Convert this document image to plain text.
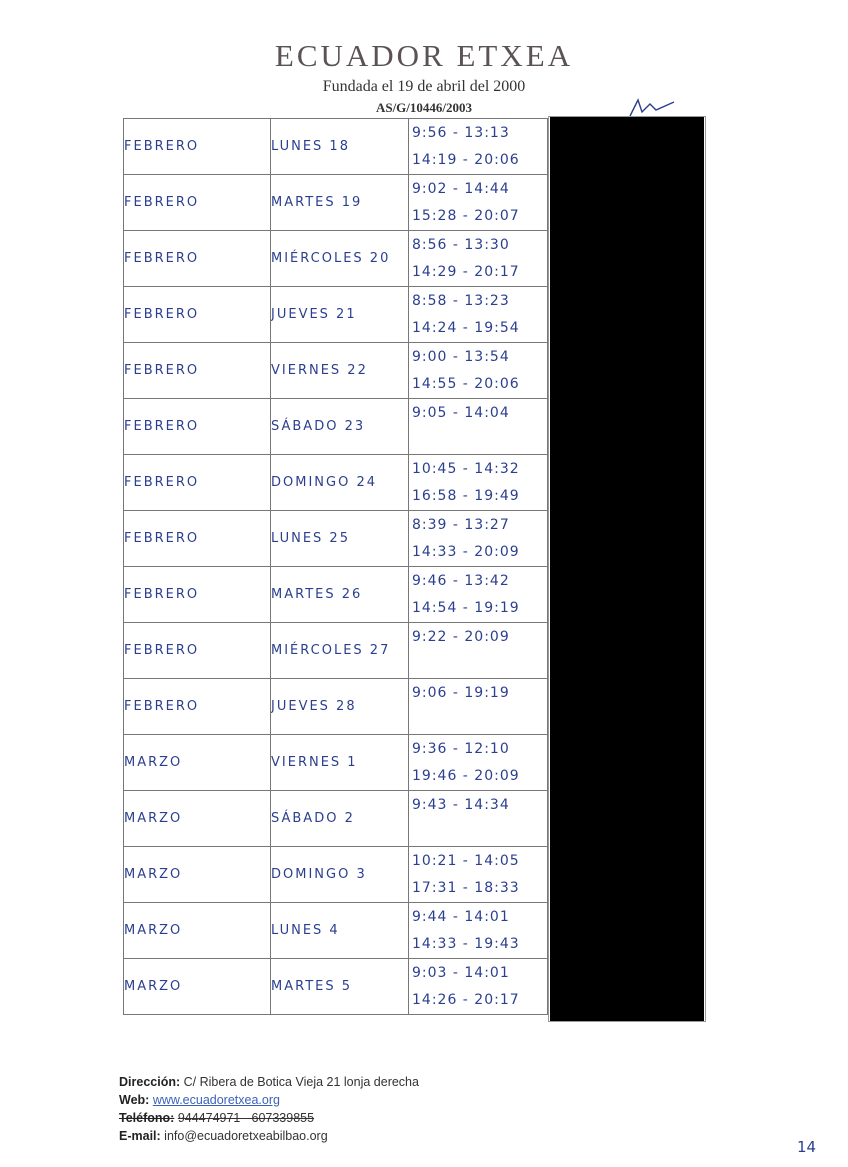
ECUADOR ETXEA
Fundada el 19 de abril del 2000
AS/G/10446/2003
FEBRERO	LUNES 18	9:56 - 13:13
14:19 - 20:06

FEBRERO	MARTES 19	9:02 - 14:44
15:28 - 20:07

FEBRERO	MIÉRCOLES 20	8:56 - 13:30
14:29 - 20:17

FEBRERO	JUEVES 21	8:58 - 13:23
14:24 - 19:54

FEBRERO	VIERNES 22	9:00 - 13:54
14:55 - 20:06

FEBRERO	SÁBADO 23	9:05 - 14:04

FEBRERO	DOMINGO 24	10:45 - 14:32
16:58 - 19:49

FEBRERO	LUNES 25	8:39 - 13:27
14:33 - 20:09

FEBRERO	MARTES 26	9:46 - 13:42
14:54 - 19:19

FEBRERO	MIÉRCOLES 27	9:22 - 20:09

FEBRERO	JUEVES 28	9:06 - 19:19

MARZO	VIERNES 1	9:36 - 12:10
19:46 - 20:09

MARZO	SÁBADO 2	9:43 - 14:34

MARZO	DOMINGO 3	10:21 - 14:05
17:31 - 18:33

MARZO	LUNES 4	9:44 - 14:01
14:33 - 19:43

MARZO	MARTES 5	9:03 - 14:01
14:26 - 20:17
Dirección: C/ Ribera de Botica Vieja 21 lonja derecha
Web: www.ecuadoretxea.org
Teléfono: 944474971 - 607339855
E-mail: info@ecuadoretxeabilbao.org
14
